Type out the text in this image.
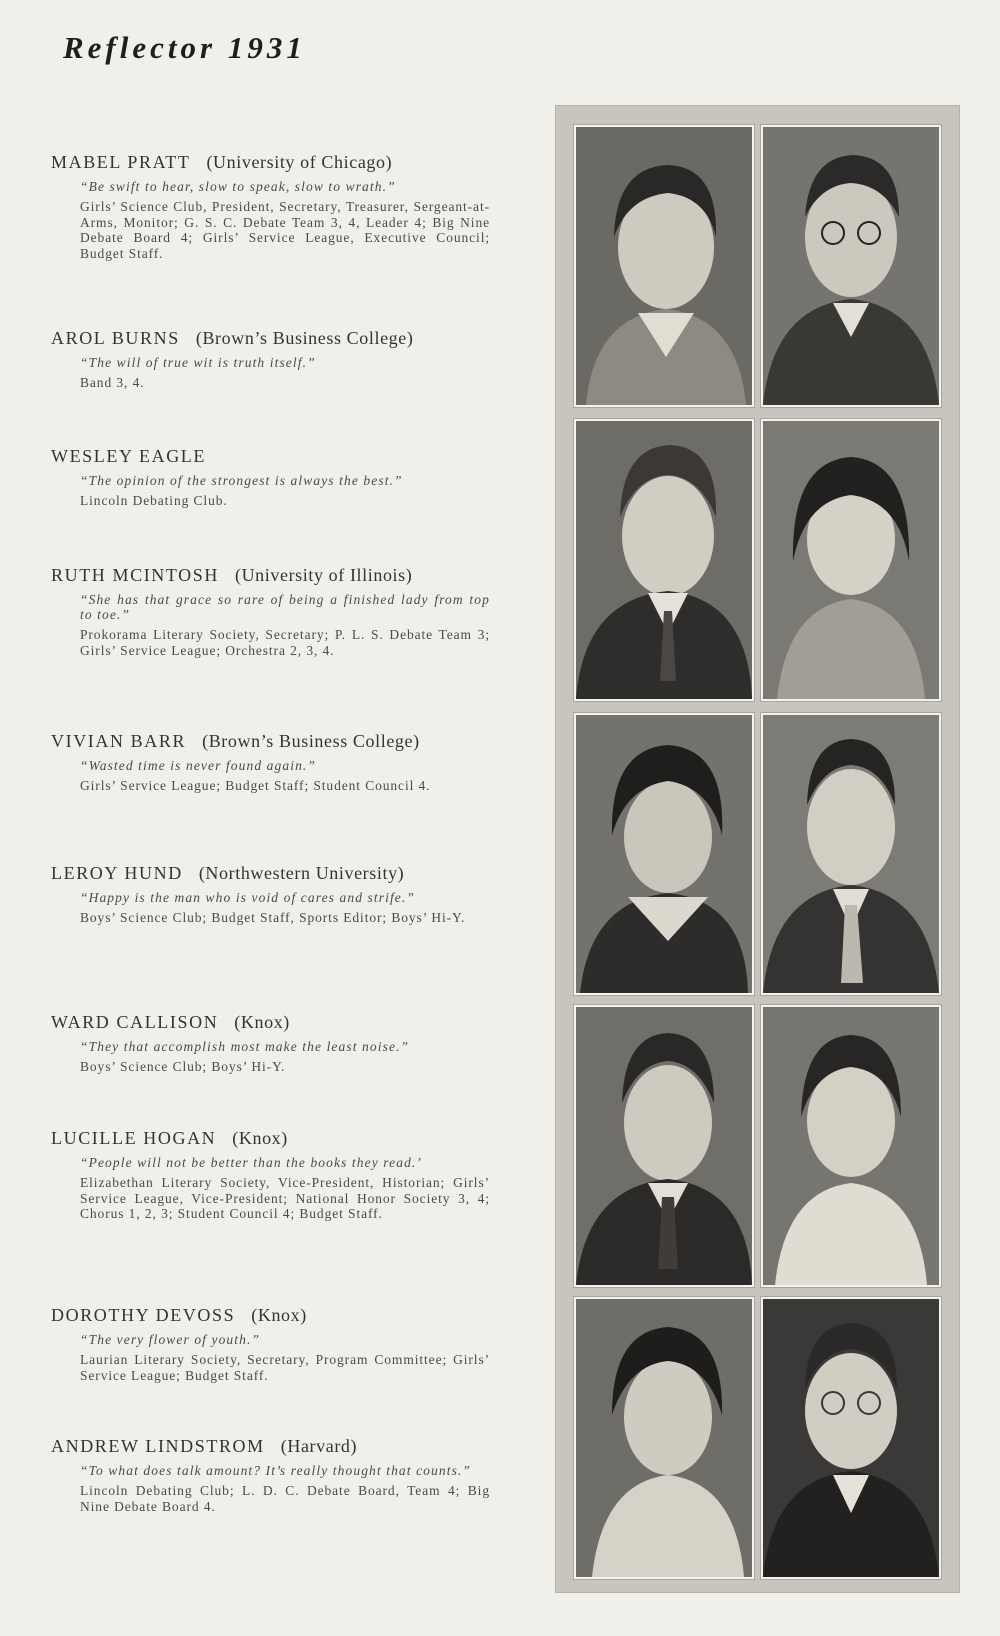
Reflector 1931
MABEL PRATT (University of Chicago)
“Be swift to hear, slow to speak, slow to wrath.”
Girls’ Science Club, President, Secretary, Treasurer, Sergeant-at-Arms, Monitor; G. S. C. Debate Team 3, 4, Leader 4; Big Nine Debate Board 4; Girls’ Service League, Executive Council; Budget Staff.
AROL BURNS (Brown’s Business College)
“The will of true wit is truth itself.”
Band 3, 4.
WESLEY EAGLE
“The opinion of the strongest is always the best.”
Lincoln Debating Club.
RUTH MCINTOSH (University of Illinois)
“She has that grace so rare of being a finished lady from top to toe.”
Prokorama Literary Society, Secretary; P. L. S. Debate Team 3; Girls’ Service League; Orchestra 2, 3, 4.
VIVIAN BARR (Brown’s Business College)
“Wasted time is never found again.”
Girls’ Service League; Budget Staff; Student Council 4.
LEROY HUND (Northwestern University)
“Happy is the man who is void of cares and strife.”
Boys’ Science Club; Budget Staff, Sports Editor; Boys’ Hi-Y.
WARD CALLISON (Knox)
“They that accomplish most make the least noise.”
Boys’ Science Club; Boys’ Hi-Y.
LUCILLE HOGAN (Knox)
“People will not be better than the books they read.’
Elizabethan Literary Society, Vice-President, Historian; Girls’ Service League, Vice-President; National Honor Society 3, 4; Chorus 1, 2, 3; Student Council 4; Budget Staff.
DOROTHY DEVOSS (Knox)
“The very flower of youth.”
Laurian Literary Society, Secretary, Program Committee; Girls’ Service League; Budget Staff.
ANDREW LINDSTROM (Harvard)
“To what does talk amount? It’s really thought that counts.”
Lincoln Debating Club; L. D. C. Debate Board, Team 4; Big Nine Debate Board 4.
